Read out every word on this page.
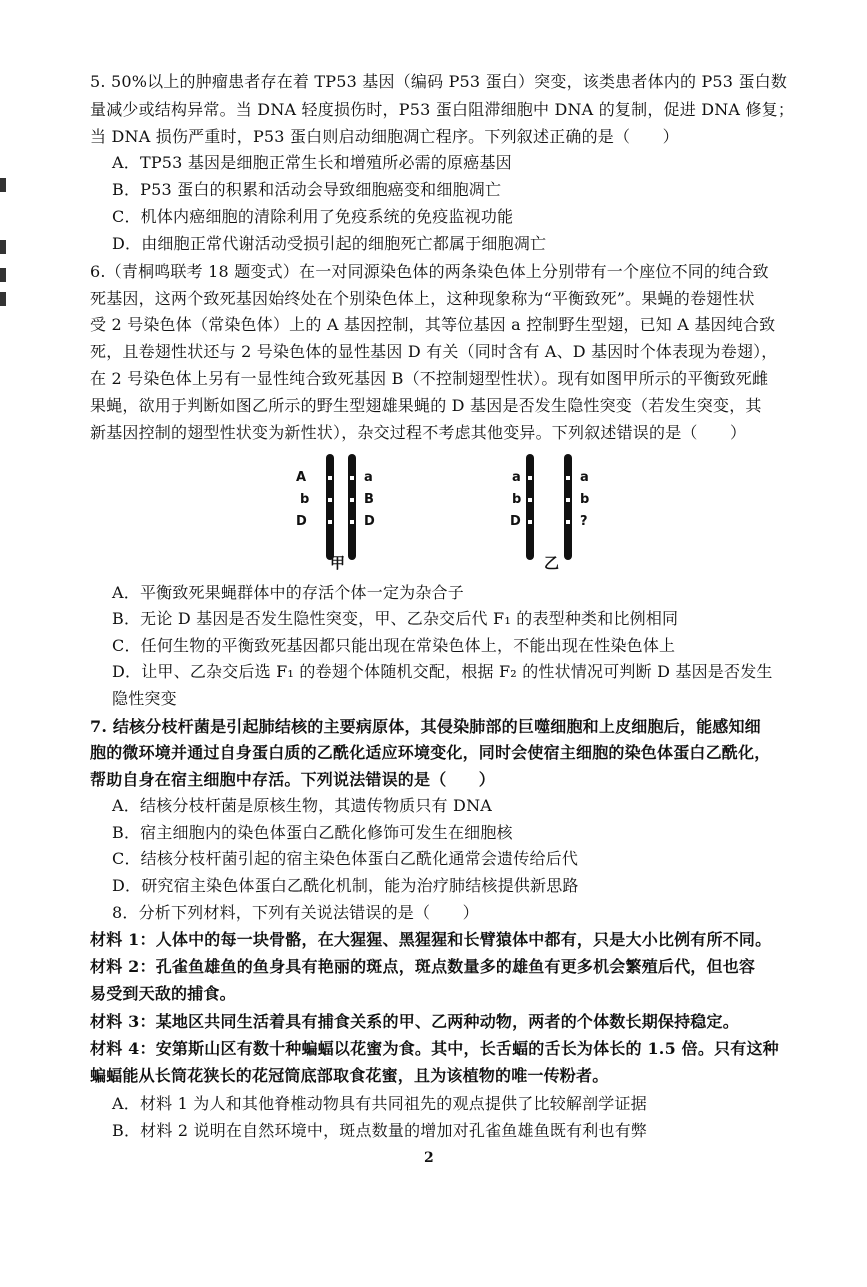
5. 50%以上的肿瘤患者存在着 TP53 基因（编码 P53 蛋白）突变，该类患者体内的 P53 蛋白数
量减少或结构异常。当 DNA 轻度损伤时，P53 蛋白阻滞细胞中 DNA 的复制，促进 DNA 修复；
当 DNA 损伤严重时，P53 蛋白则启动细胞凋亡程序。下列叙述正确的是（　　）
A．TP53 基因是细胞正常生长和增殖所必需的原癌基因
B．P53 蛋白的积累和活动会导致细胞癌变和细胞凋亡
C．机体内癌细胞的清除利用了免疫系统的免疫监视功能
D．由细胞正常代谢活动受损引起的细胞死亡都属于细胞凋亡
6.（青桐鸣联考 18 题变式）在一对同源染色体的两条染色体上分别带有一个座位不同的纯合致
死基因，这两个致死基因始终处在个别染色体上，这种现象称为“平衡致死”。果蝇的卷翅性状
受 2 号染色体（常染色体）上的 A 基因控制，其等位基因 a 控制野生型翅，已知 A 基因纯合致
死，且卷翅性状还与 2 号染色体的显性基因 D 有关（同时含有 A、D 基因时个体表现为卷翅），
在 2 号染色体上另有一显性纯合致死基因 B（不控制翅型性状）。现有如图甲所示的平衡致死雌
果蝇，欲用于判断如图乙所示的野生型翅雄果蝇的 D 基因是否发生隐性突变（若发生突变，其
新基因控制的翅型性状变为新性状），杂交过程不考虑其他变异。下列叙述错误的是（　　）
A
b
D
a
B
D
甲
a
b
D
a
b
?
乙
A．平衡致死果蝇群体中的存活个体一定为杂合子
B．无论 D 基因是否发生隐性突变，甲、乙杂交后代 F₁ 的表型种类和比例相同
C．任何生物的平衡致死基因都只能出现在常染色体上，不能出现在性染色体上
D．让甲、乙杂交后选 F₁ 的卷翅个体随机交配，根据 F₂ 的性状情况可判断 D 基因是否发生
隐性突变
7. 结核分枝杆菌是引起肺结核的主要病原体，其侵染肺部的巨噬细胞和上皮细胞后，能感知细
胞的微环境并通过自身蛋白质的乙酰化适应环境变化，同时会使宿主细胞的染色体蛋白乙酰化，
帮助自身在宿主细胞中存活。下列说法错误的是（　　）
A．结核分枝杆菌是原核生物，其遗传物质只有 DNA
B．宿主细胞内的染色体蛋白乙酰化修饰可发生在细胞核
C．结核分枝杆菌引起的宿主染色体蛋白乙酰化通常会遗传给后代
D．研究宿主染色体蛋白乙酰化机制，能为治疗肺结核提供新思路
8．分析下列材料，下列有关说法错误的是（　　）
材料 1：人体中的每一块骨骼，在大猩猩、黑猩猩和长臂猿体中都有，只是大小比例有所不同。
材料 2：孔雀鱼雄鱼的鱼身具有艳丽的斑点，斑点数量多的雄鱼有更多机会繁殖后代，但也容
易受到天敌的捕食。
材料 3：某地区共同生活着具有捕食关系的甲、乙两种动物，两者的个体数长期保持稳定。
材料 4：安第斯山区有数十种蝙蝠以花蜜为食。其中，长舌蝠的舌长为体长的 1.5 倍。只有这种
蝙蝠能从长筒花狭长的花冠筒底部取食花蜜，且为该植物的唯一传粉者。
A．材料 1 为人和其他脊椎动物具有共同祖先的观点提供了比较解剖学证据
B．材料 2 说明在自然环境中，斑点数量的增加对孔雀鱼雄鱼既有利也有弊
2
